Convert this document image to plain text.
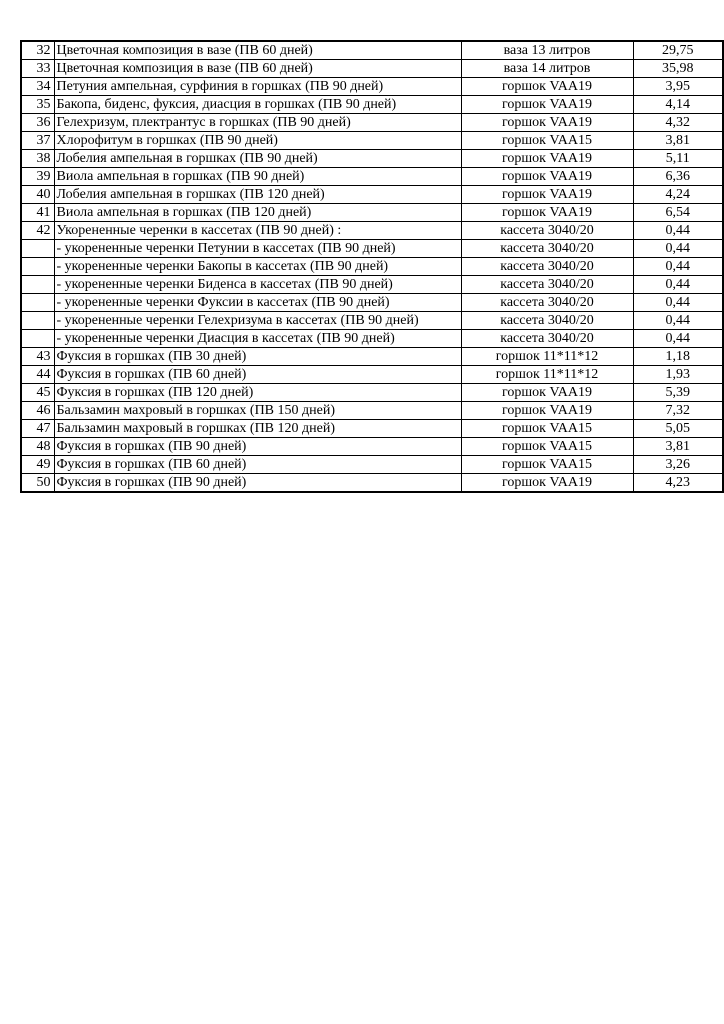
32	Цветочная композиция в вазе (ПВ 60 дней)	ваза 13 литров	29,75
33	Цветочная композиция в вазе (ПВ 60 дней)	ваза 14 литров	35,98
34	Петуния ампельная, сурфиния в горшках (ПВ 90 дней)	горшок VAA19	3,95
35	Бакопа, биденс, фуксия, диасция в горшках (ПВ 90 дней)	горшок VAA19	4,14
36	Гелехризум, плектрантус в горшках (ПВ 90 дней)	горшок VAA19	4,32
37	Хлорофитум в горшках (ПВ 90 дней)	горшок VAA15	3,81
38	Лобелия ампельная в горшках (ПВ 90 дней)	горшок VAA19	5,11
39	Виола ампельная в горшках (ПВ 90 дней)	горшок VAA19	6,36
40	Лобелия ампельная в горшках (ПВ 120 дней)	горшок VAA19	4,24
41	Виола ампельная в горшках (ПВ 120 дней)	горшок VAA19	6,54
42	Укорененные черенки в кассетах (ПВ 90 дней) :	кассета 3040/20	0,44
	- укорененные черенки Петунии в кассетах (ПВ 90 дней)	кассета 3040/20	0,44
	- укорененные черенки Бакопы в кассетах (ПВ 90 дней)	кассета 3040/20	0,44
	- укорененные черенки Биденса в кассетах (ПВ 90 дней)	кассета 3040/20	0,44
	- укорененные черенки Фуксии в кассетах (ПВ 90 дней)	кассета 3040/20	0,44
	- укорененные черенки Гелехризума в кассетах (ПВ 90 дней)	кассета 3040/20	0,44
	- укорененные черенки Диасция в кассетах (ПВ 90 дней)	кассета 3040/20	0,44
43	Фуксия в горшках (ПВ 30 дней)	горшок 11*11*12	1,18
44	Фуксия в горшках (ПВ 60 дней)	горшок 11*11*12	1,93
45	Фуксия в горшках (ПВ 120 дней)	горшок VAA19	5,39
46	Бальзамин махровый в горшках (ПВ 150 дней)	горшок VAA19	7,32
47	Бальзамин махровый в горшках (ПВ 120 дней)	горшок VAA15	5,05
48	Фуксия в горшках (ПВ 90 дней)	горшок VAA15	3,81
49	Фуксия в горшках (ПВ 60 дней)	горшок VAA15	3,26
50	Фуксия в горшках (ПВ 90 дней)	горшок VAA19	4,23
